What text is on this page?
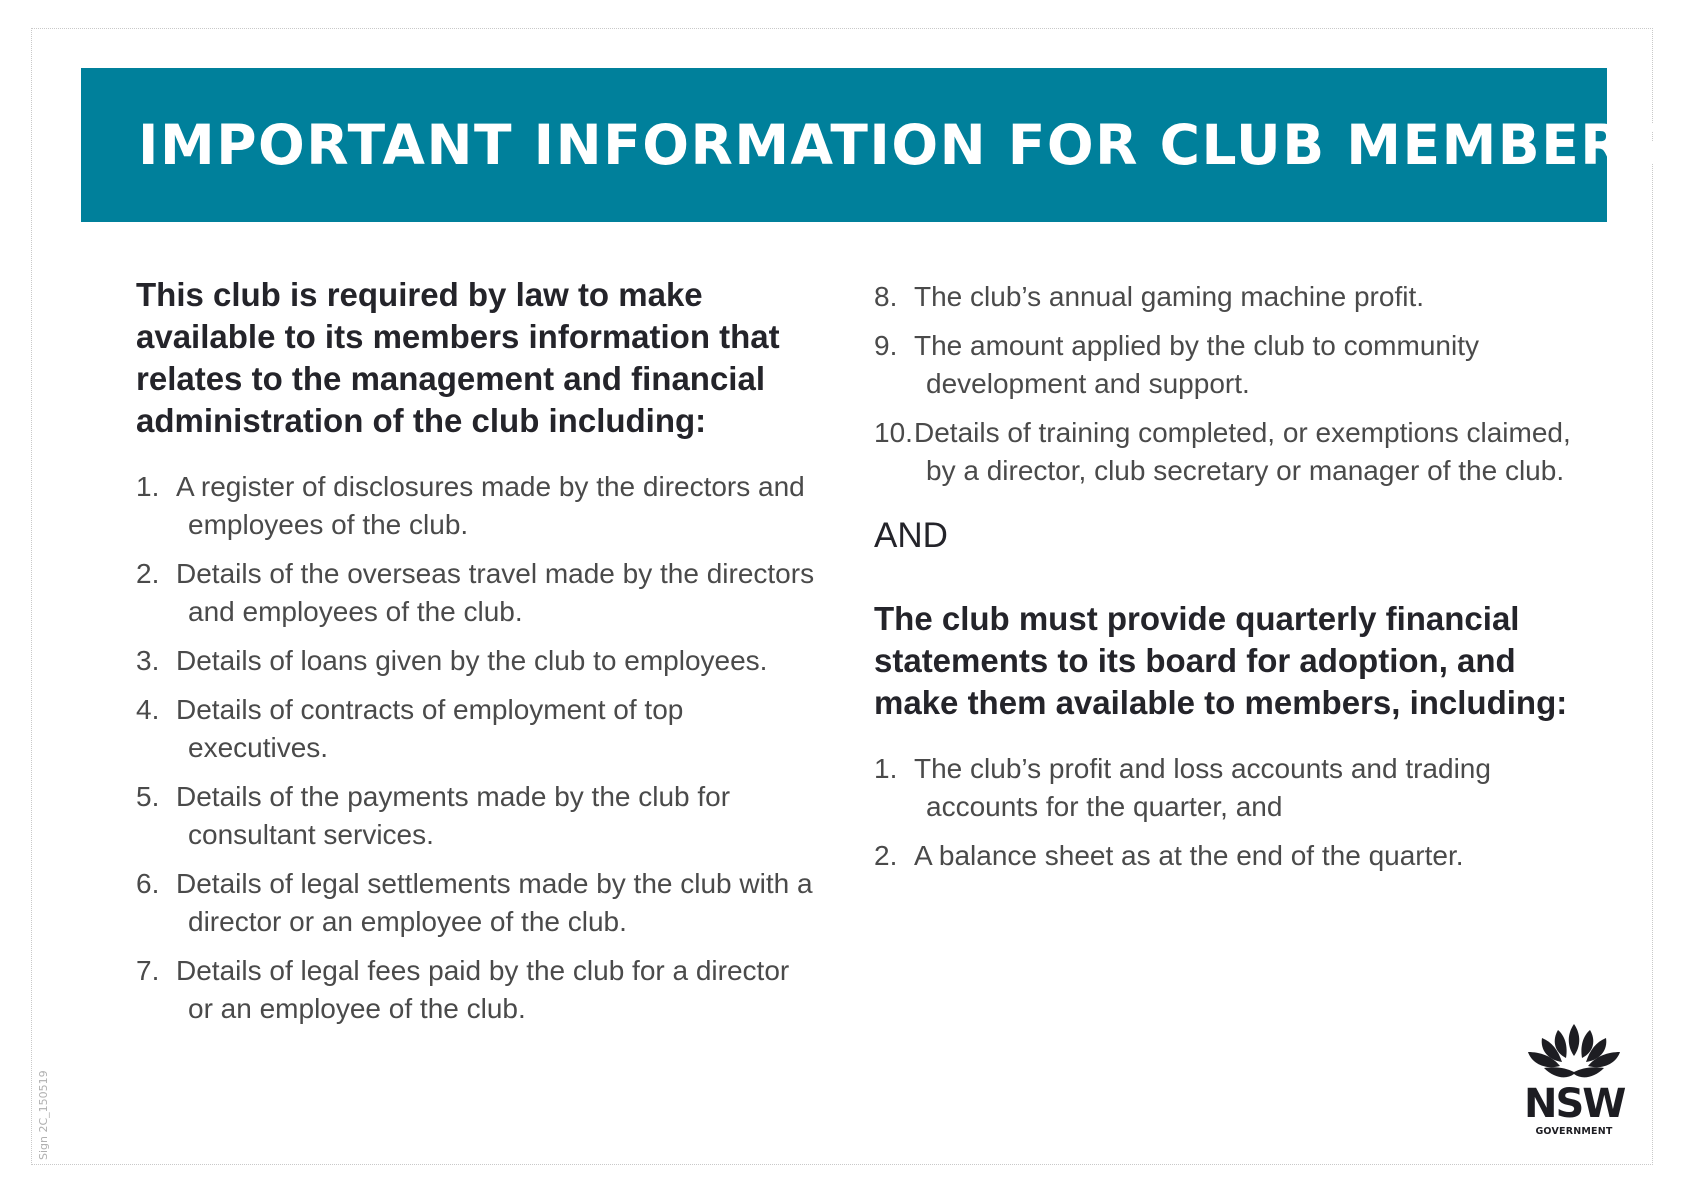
IMPORTANT INFORMATION FOR CLUB MEMBERS

This club is required by law to make available to its members information that relates to the management and financial administration of the club including:

1. A register of disclosures made by the directors and employees of the club.
2. Details of the overseas travel made by the directors and employees of the club.
3. Details of loans given by the club to employees.
4. Details of contracts of employment of top executives.
5. Details of the payments made by the club for consultant services.
6. Details of legal settlements made by the club with a director or an employee of the club.
7. Details of legal fees paid by the club for a director or an employee of the club.
8. The club’s annual gaming machine profit.
9. The amount applied by the club to community development and support.
10.Details of training completed, or exemptions claimed, by a director, club secretary or manager of the club.

AND

The club must provide quarterly financial statements to its board for adoption, and make them available to members, including:

1. The club’s profit and loss accounts and trading accounts for the quarter, and
2. A balance sheet as at the end of the quarter.
Sign 2C_150519	NSW
GOVERNMENT
